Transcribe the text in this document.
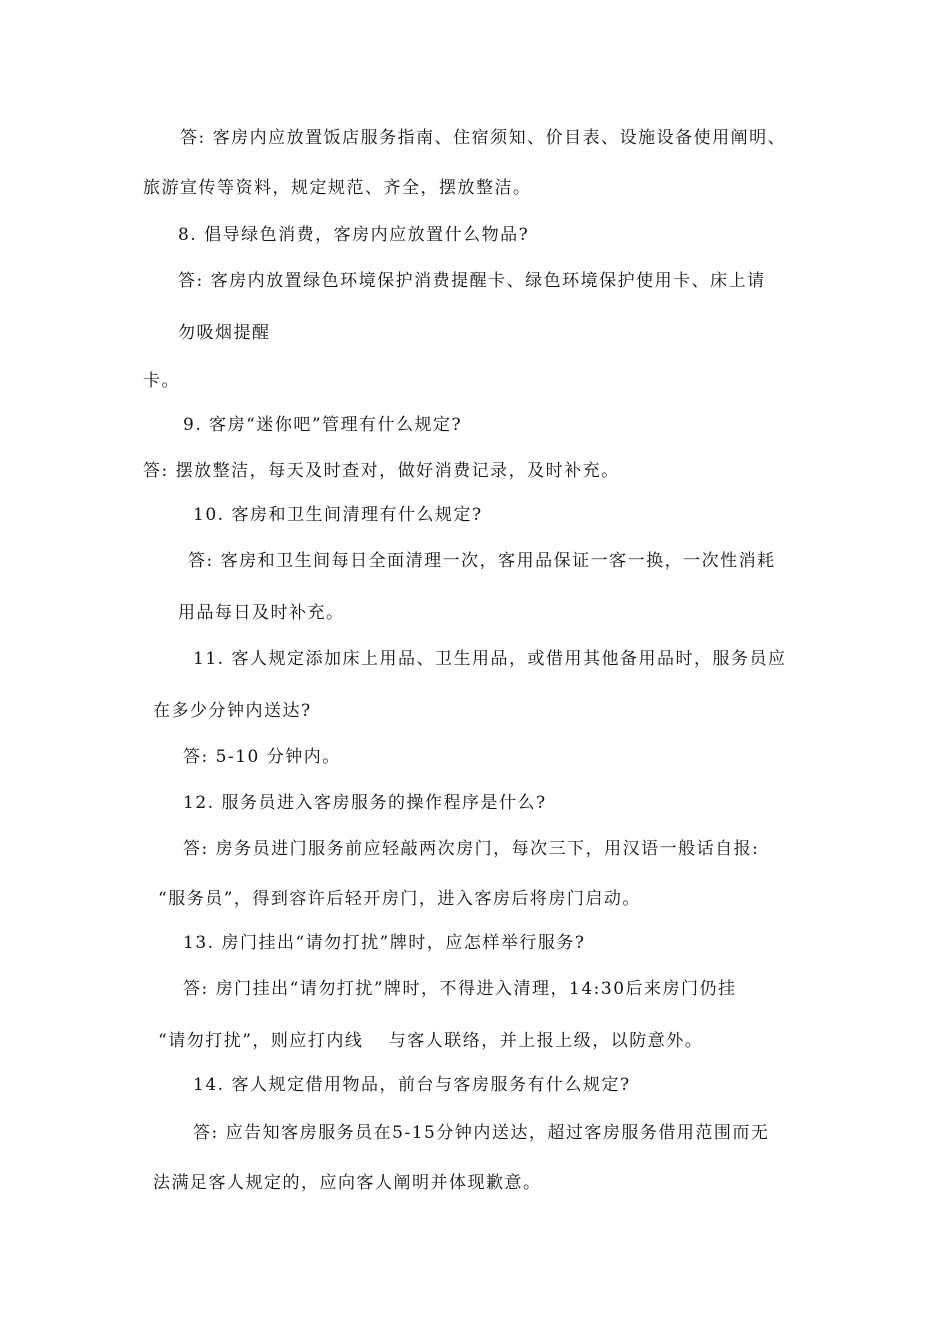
答: 客房内应放置饭店服务指南、住宿须知、价目表、设施设备使用阐明、
旅游宣传等资料，规定规范、齐全，摆放整洁。
8. 倡导绿色消费，客房内应放置什么物品?
答: 客房内放置绿色环境保护消费提醒卡、绿色环境保护使用卡、床上请
勿吸烟提醒
卡。
9. 客房“迷你吧”管理有什么规定?
答: 摆放整洁，每天及时查对，做好消费记录，及时补充。
10. 客房和卫生间清理有什么规定?
答: 客房和卫生间每日全面清理一次，客用品保证一客一换，一次性消耗
用品每日及时补充。
11. 客人规定添加床上用品、卫生用品，或借用其他备用品时，服务员应
在多少分钟内送达?
答: 5-10 分钟内。
12. 服务员进入客房服务的操作程序是什么?
答: 房务员进门服务前应轻敲两次房门，每次三下，用汉语一般话自报:
“服务员”，得到容许后轻开房门，进入客房后将房门启动。
13. 房门挂出“请勿打扰”牌时，应怎样举行服务?
答: 房门挂出“请勿打扰”牌时，不得进入清理，14:30后来房门仍挂
“请勿打扰”，则应打内线　 与客人联络，并上报上级，以防意外。
14. 客人规定借用物品，前台与客房服务有什么规定?
答: 应告知客房服务员在5-15分钟内送达，超过客房服务借用范围而无
法满足客人规定的，应向客人阐明并体现歉意。
